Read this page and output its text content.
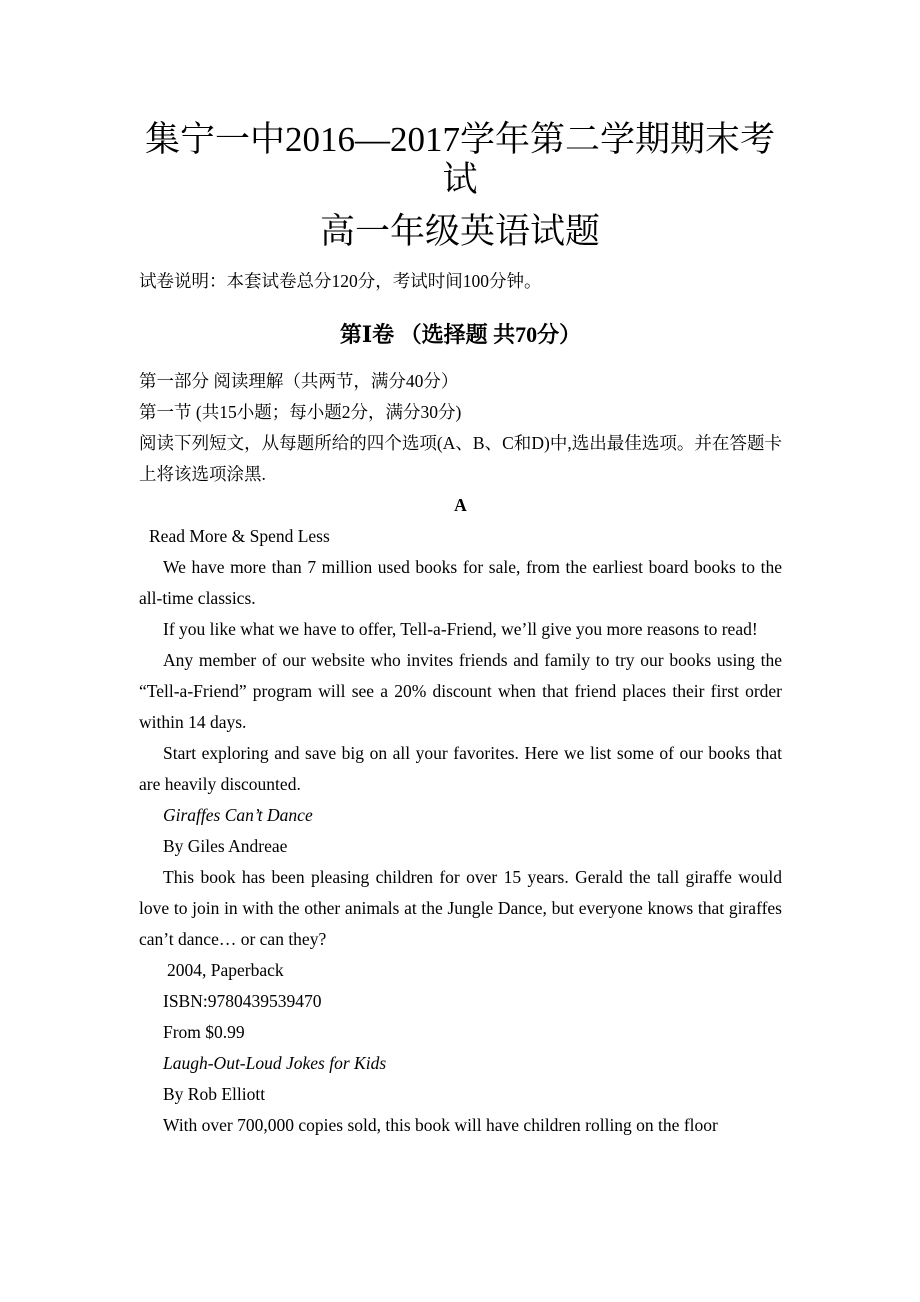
集宁一中2016—2017学年第二学期期末考试
高一年级英语试题

试卷说明：本套试卷总分120分，考试时间100分钟。

第Ⅰ卷 （选择题 共70分）

第一部分 阅读理解（共两节，满分40分）

第一节 (共15小题；每小题2分，满分30分)

阅读下列短文，从每题所给的四个选项(A、B、C和D)中,选出最佳选项。并在答题卡上将该选项涂黑.

A

Read More & Spend Less

We have more than 7 million used books for sale, from the earliest board books to the all-time classics.

If you like what we have to offer, Tell-a-Friend, we’ll give you more reasons to read!

Any member of our website who invites friends and family to try our books using the “Tell-a-Friend” program will see a 20% discount when that friend places their first order within 14 days.

Start exploring and save big on all your favorites. Here we list some of our books that are heavily discounted.

Giraffes Can’t Dance

By Giles Andreae

This book has been pleasing children for over 15 years. Gerald the tall giraffe would love to join in with the other animals at the Jungle Dance, but everyone knows that giraffes can’t dance… or can they?

2004, Paperback

ISBN:9780439539470

From $0.99

Laugh-Out-Loud Jokes for Kids

By Rob Elliott

With over 700,000 copies sold, this book will have children rolling on the floor
